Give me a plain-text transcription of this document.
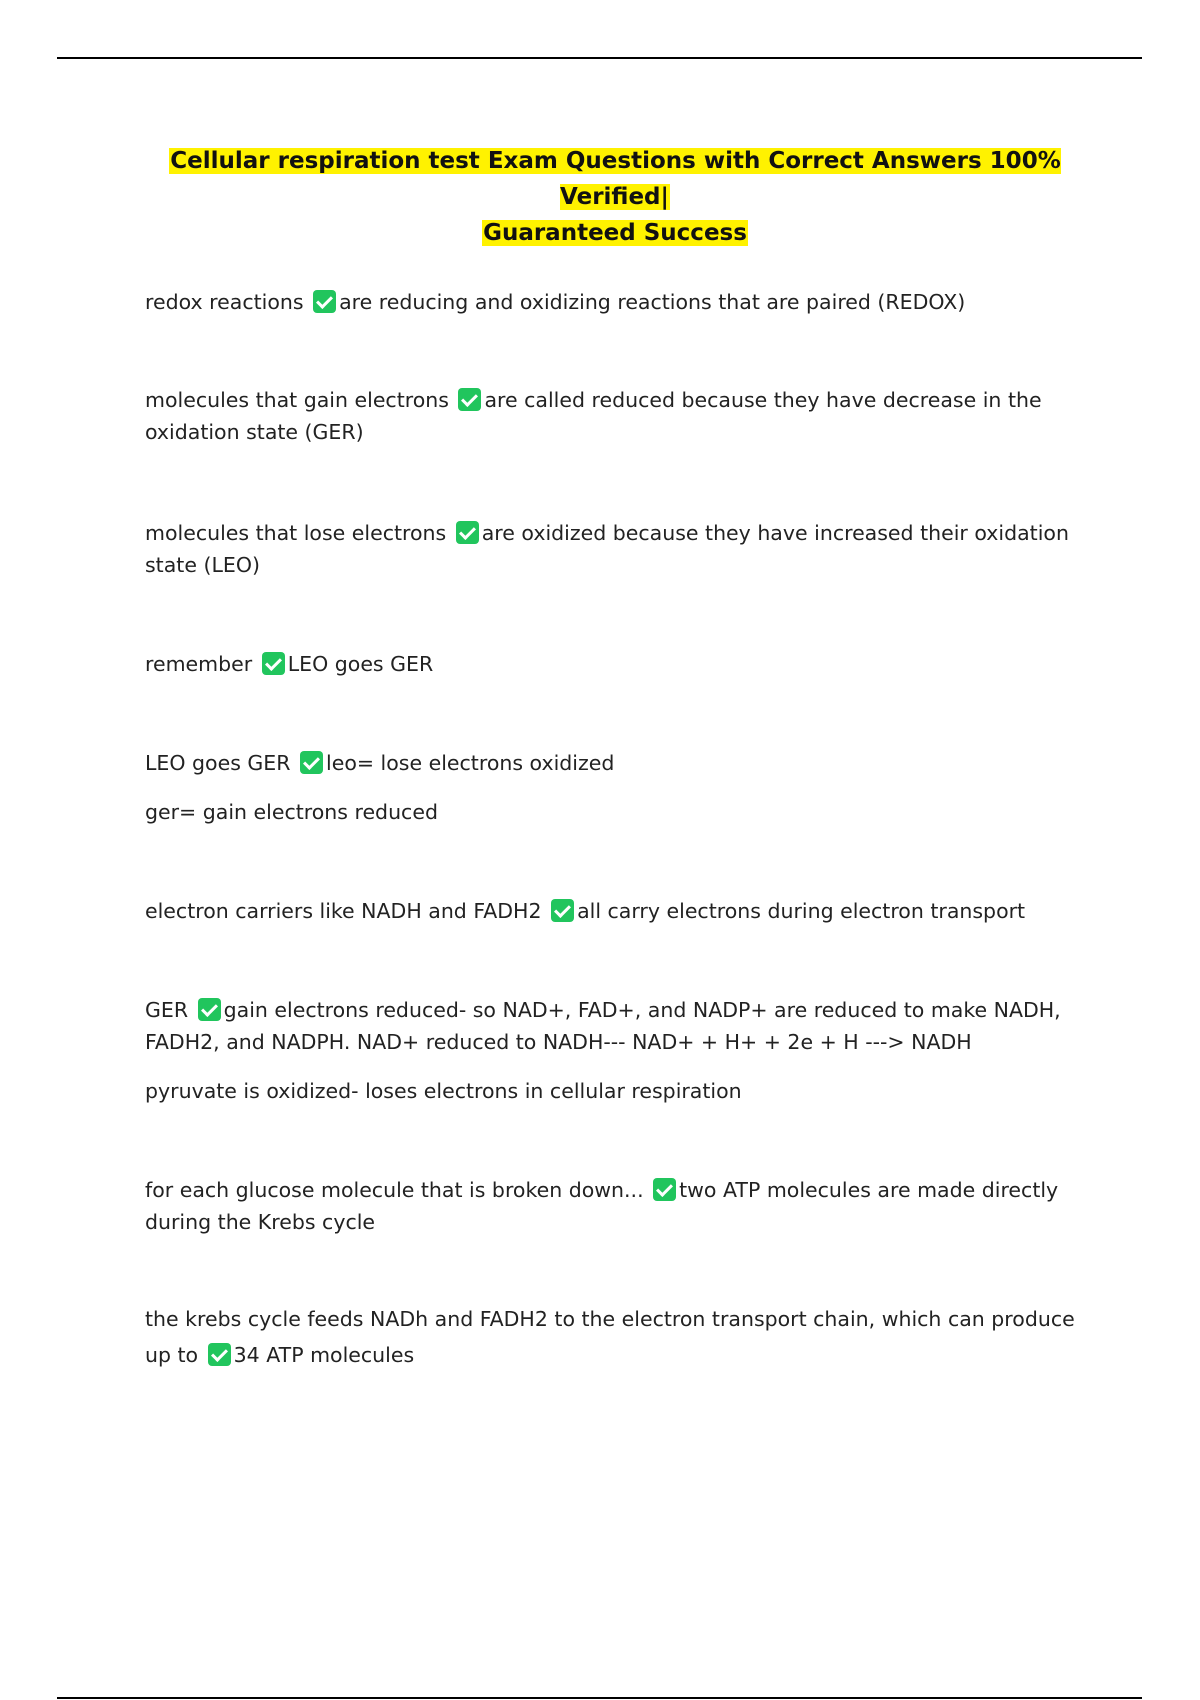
Cellular respiration test Exam Questions with Correct Answers 100% Verified|
Guaranteed Success

redox reactions are reducing and oxidizing reactions that are paired (REDOX)

molecules that gain electrons are called reduced because they have decrease in the oxidation state (GER)

molecules that lose electrons are oxidized because they have increased their oxidation state (LEO)

remember LEO goes GER

LEO goes GER leo= lose electrons oxidized

ger= gain electrons reduced

electron carriers like NADH and FADH2 all carry electrons during electron transport

GER gain electrons reduced- so NAD+, FAD+, and NADP+ are reduced to make NADH, FADH2, and NADPH. NAD+ reduced to NADH--- NAD+ + H+ + 2e + H ---> NADH

pyruvate is oxidized- loses electrons in cellular respiration

for each glucose molecule that is broken down... two ATP molecules are made directly during the Krebs cycle

the krebs cycle feeds NADh and FADH2 to the electron transport chain, which can produce up to 34 ATP molecules
